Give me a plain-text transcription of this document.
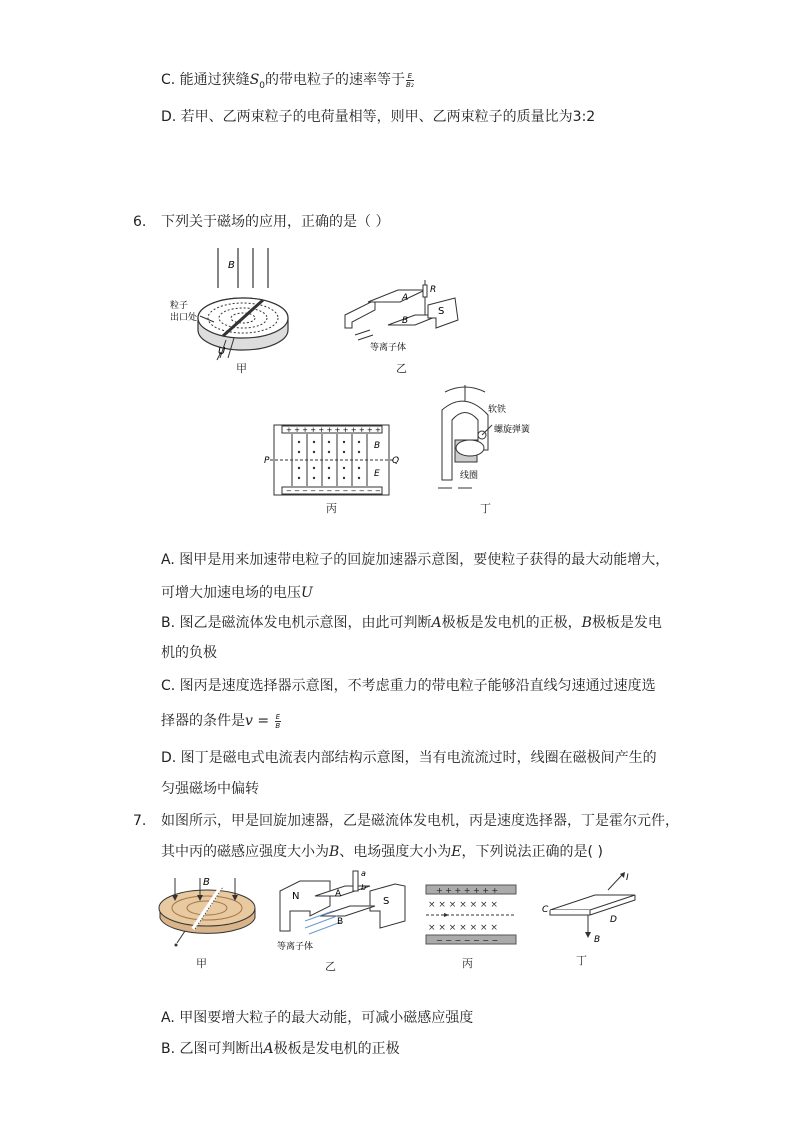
C. 能通过狭缝$S_0$的带电粒子的速率等于 $\frac{E}{\text{B₂}}$
D. 若甲、乙两束粒子的电荷量相等，则甲、乙两束粒子的质量比为3:2
6. 下列关于磁场的应用，正确的是（ ）
B
粒子
出口处
U
甲
R
A
B
S
等离子体
乙
+ + + + + + + + + + + +
− − − − − − − − − − − −
P	Q
B
E
丙
软铁
螺旋弹簧
线圈
丁
A. 图甲是用来加速带电粒子的回旋加速器示意图，要使粒子获得的最大动能增大，
可增大加速电场的电压U
B. 图乙是磁流体发电机示意图，由此可判断A极板是发电机的正极，B极板是发电
机的负极
C. 图丙是速度选择器示意图，不考虑重力的带电粒子能够沿直线匀速通过速度选
择器的条件是$v = \frac{E}{B}$
D. 图丁是磁电式电流表内部结构示意图，当有电流流过时，线圈在磁极间产生的
匀强磁场中偏转
7. 如图所示，甲是回旋加速器，乙是磁流体发电机，丙是速度选择器，丁是霍尔元件，
其中丙的磁感应强度大小为B、电场强度大小为E，下列说法正确的是( )
B
甲
a
b
N	A
B
S
等离子体
乙
+ + + + + + +
− − − − − − −
× × × × × × ×
× × × × × × ×
丙
I
C
D
B
丁
A. 甲图要增大粒子的最大动能，可减小磁感应强度
B. 乙图可判断出A极板是发电机的正极
